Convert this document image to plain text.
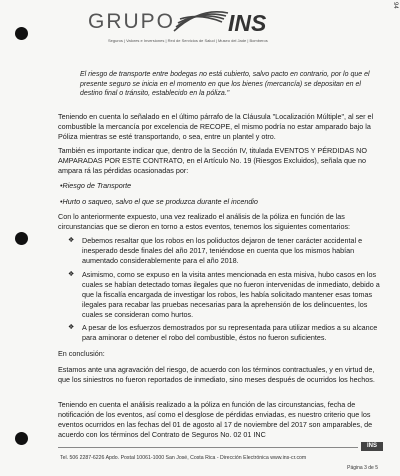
94
GRUPO INS
Seguros | Valores e Inversiones | Red de Servicios de Salud | Museo del Jade | Bomberos
El riesgo de transporte entre bodegas no está cubierto, salvo pacto en contrario, por lo que el presente seguro se inicia en el momento en que los bienes (mercancía) se depositan en el destino final o tránsito, establecido en la póliza."
Teniendo en cuenta lo señalado en el último párrafo de la Cláusula "Localización Múltiple", al ser el combustible la mercancía por excelencia de RECOPE, el mismo podría no estar amparado bajo la Póliza mientras se esté transportando, o sea, entre un plantel y otro.
También es importante indicar que, dentro de la Sección IV, titulada EVENTOS Y PÉRDIDAS NO AMPARADAS POR ESTE CONTRATO, en el Artículo No. 19 (Riesgos Excluidos), señala que no ampara rá las pérdidas ocasionadas por:
•Riesgo de Transporte
•Hurto o saqueo, salvo el que se produzca durante el incendio
Con lo anteriormente expuesto, una vez realizado el análisis de la póliza en función de las circunstancias que se dieron en torno a estos eventos, tenemos los siguientes comentarios:
❖	Debemos resaltar que los robos en los poliductos dejaron de tener carácter accidental e inesperado desde finales del año 2017, teniéndose en cuenta que los mismos habían aumentado considerablemente para el año 2018.
❖	Asimismo, como se expuso en la visita antes mencionada en esta misiva, hubo casos en los cuales se habían detectado tomas ilegales que no fueron intervenidas de inmediato, debido a que la fiscalía encargada de investigar los robos, les había solicitado mantener esas tomas ilegales para recabar las pruebas necesarias para la aprehensión de los delincuentes, los cuales se consideran como hurtos.
❖	A pesar de los esfuerzos demostrados por su representada para utilizar medios a su alcance para aminorar o detener el robo del combustible, éstos no fueron suficientes.
En conclusión:
Estamos ante una agravación del riesgo, de acuerdo con los términos contractuales, y en virtud de, que los siniestros no fueron reportados de inmediato, sino meses después de ocurridos los hechos.
Teniendo en cuenta el análisis realizado a la póliza en función de las circunstancias, fecha de notificación de los eventos, así como el desglose de pérdidas enviadas, es nuestro criterio que los eventos ocurridos en las fechas del 01 de agosto al 17 de noviembre del 2017 son amparables, de acuerdo con los términos del Contrato de Seguros No. 02 01 INC
INS
Tel. 506 2287-6226 Apdo. Postal 10061-1000 San José, Costa Rica - Dirección Electrónica www.ins-cr.com
Página 3 de 5
